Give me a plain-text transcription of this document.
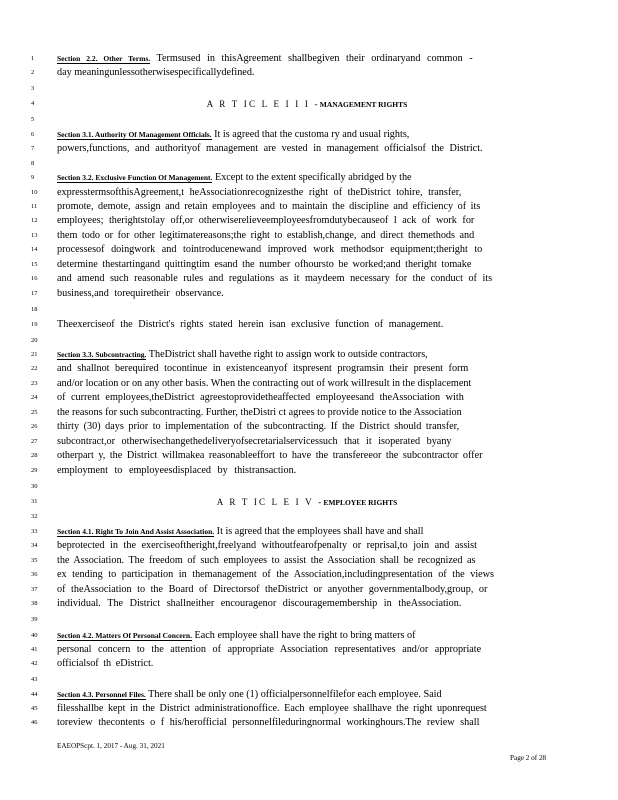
1	Section 2.2. Other Terms. Termsused in thisAgreement shallbegiven their ordinaryand common -
2	day meaningunlessotherwisespecificallydefined.
3
4	A R T IC L E I I I -MANAGEMENT RIGHTS
5
6	Section 3.1. Authority Of Management Officials. It is agreed that the customa ry and usual rights,
7	powers,functions, and authorityof management are vested in management officialsof the District.
8
9	Section 3.2. Exclusive Function Of Management. Except to the extent specifically abridged by the
10	expresstermsofthisAgreement,t heAssociationrecognizesthe right of theDistrict tohire, transfer,
11	promote, demote, assign and retain employees and to maintain the discipline and efficiency of its
12	employees; therightstolay off,or otherwiserelieveemployeesfromdutybecauseof l ack of work for
13	them todo or for other legitimatereasons;the right to establish,change, and direct themethods and
14	processesof doingwork and tointroducenewand improved work methodsor equipment;theright to
15	determine thestartingand quittingtim esand the number ofhoursto be worked;and theright tomake
16	and amend such reasonable rules and regulations as it maydeem necessary for the conduct of its
17	business,and torequiretheir observance.
18
19	Theexerciseof the District's rights stated herein isan exclusive function of management.
20
21	Section 3.3. Subcontracting. TheDistrict shall havethe right to assign work to outside contractors,
22	and shallnot berequired tocontinue in existenceanyof itspresent programsin their present form
23	and/or location or on any other basis. When the contracting out of work willresult in the displacement
24	of current employees,theDistrict agreestoprovidetheaffected employeesand theAssociation with
25	the reasons for such subcontracting. Further, theDistri ct agrees to provide notice to the Association
26	thirty (30) days prior to implementation of the subcontracting. If the District should transfer,
27	subcontract,or otherwisechangethedeliveryofsecretarialservicessuch that it isoperated byany
28	otherpart y, the District willmakea reasonableeffort to have the transfereeor the subcontractor offer
29	employment to employeesdisplaced by thistransaction.
30
31	A R T IC L E I V -EMPLOYEE RIGHTS
32
33	Section 4.1. Right To Join And Assist Association. It is agreed that the employees shall have and shall
34	beprotected in the exerciseoftheright,freelyand withoutfearofpenalty or reprisal,to join and assist
35	the Association. The freedom of such employees to assist the Association shall be recognized as
36	ex tending to participation in themanagement of the Association,includingpresentation of the views
37	of theAssociation to the Board of Directorsof theDistrict or anyother governmentalbody,group, or
38	individual. The District shallneither encouragenor discouragemembership in theAssociation.
39
40	Section 4.2. Matters Of Personal Concern. Each employee shall have the right to bring matters of
41	personal concern to the attention of appropriate Association representatives and/or appropriate
42	officialsof th eDistrict.
43
44	Section 4.3. Personnel Files. There shall be only one (1) officialpersonnelfilefor each employee. Said
45	filesshallbe kept in the District administrationoffice. Each employee shallhave the right uponrequest
46	toreview thecontents o f his/herofficial personnelfileduringnormal workinghours.The review shall
EAEOPScpt. 1, 2017 - Aug. 31, 2021
Page 2 of 28
